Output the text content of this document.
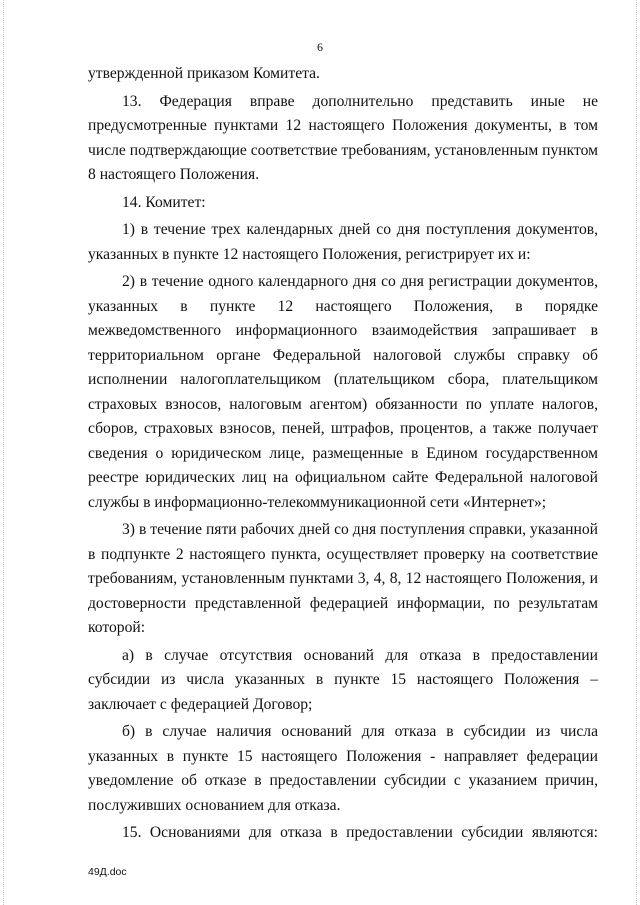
6

утвержденной приказом Комитета.

13. Федерация вправе дополнительно представить иные не предусмотренные пунктами 12 настоящего Положения документы, в том числе подтверждающие соответствие требованиям, установленным пунктом 8 настоящего Положения.

14. Комитет:

1) в течение трех календарных дней со дня поступления документов, указанных в пункте 12 настоящего Положения, регистрирует их и:

2) в течение одного календарного дня со дня регистрации документов, указанных в пункте 12 настоящего Положения, в порядке межведомственного информационного взаимодействия запрашивает в территориальном органе Федеральной налоговой службы справку об исполнении налогоплательщиком (плательщиком сбора, плательщиком страховых взносов, налоговым агентом) обязанности по уплате налогов, сборов, страховых взносов, пеней, штрафов, процентов, а также получает сведения о юридическом лице, размещенные в Едином государственном реестре юридических лиц на официальном сайте Федеральной налоговой службы в информационно-телекоммуникационной сети «Интернет»;

3) в течение пяти рабочих дней со дня поступления справки, указанной в подпункте 2 настоящего пункта, осуществляет проверку на соответствие требованиям, установленным пунктами 3, 4, 8, 12 настоящего Положения, и достоверности представленной федерацией информации, по результатам которой:

а) в случае отсутствия оснований для отказа в предоставлении субсидии из числа указанных в пункте 15 настоящего Положения – заключает с федерацией Договор;

б) в случае наличия оснований для отказа в субсидии из числа указанных в пункте 15 настоящего Положения - направляет федерации уведомление об отказе в предоставлении субсидии с указанием причин, послуживших основанием для отказа.

15. Основаниями для отказа в предоставлении субсидии являются:

49Д.doc
